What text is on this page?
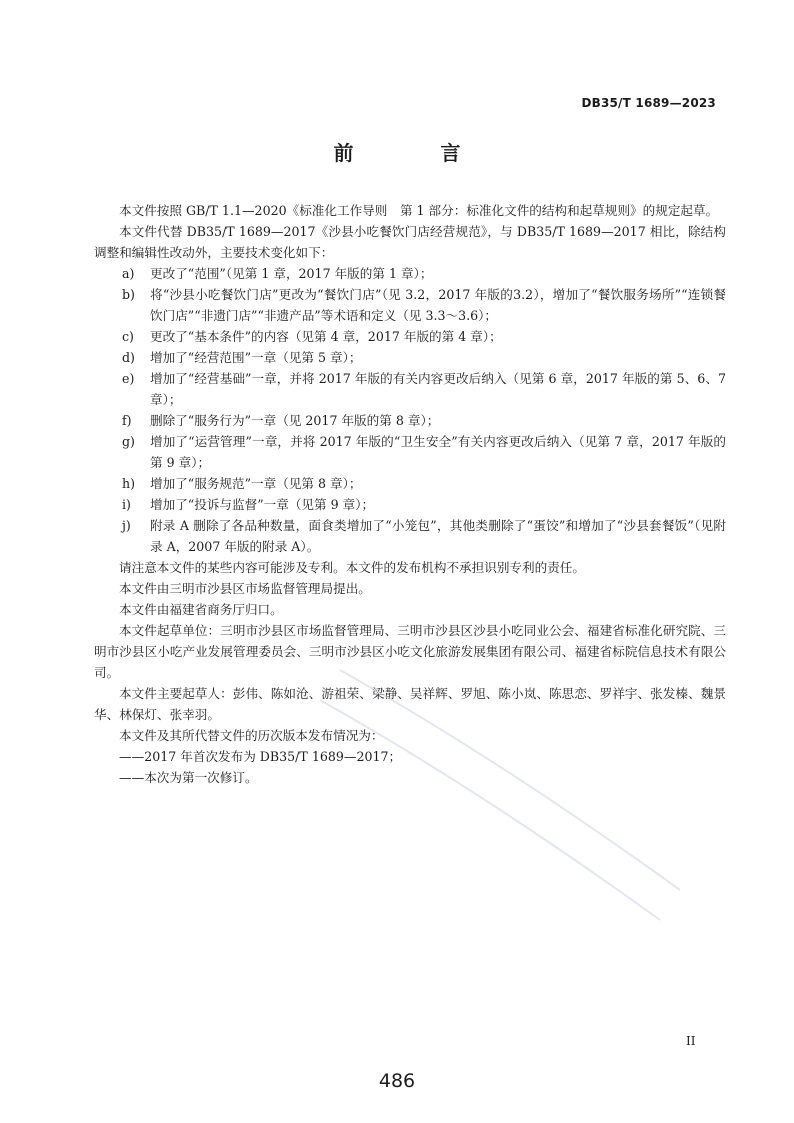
DB35/T 1689—2023
前 言

本文件按照 GB/T 1.1—2020《标准化工作导则　第 1 部分：标准化文件的结构和起草规则》的规定起草。

本文件代替 DB35/T 1689—2017《沙县小吃餐饮门店经营规范》，与 DB35/T 1689—2017 相比，除结构调整和编辑性改动外，主要技术变化如下：

a) 更改了“范围”（见第 1 章，2017 年版的第 1 章）；
b) 将“沙县小吃餐饮门店”更改为“餐饮门店”（见 3.2，2017 年版的3.2），增加了“餐饮服务场所”“连锁餐饮门店”“非遗门店”“非遗产品”等术语和定义（见 3.3～3.6）；
c) 更改了“基本条件”的内容（见第 4 章，2017 年版的第 4 章）；
d) 增加了“经营范围”一章（见第 5 章）；
e) 增加了“经营基础”一章，并将 2017 年版的有关内容更改后纳入（见第 6 章，2017 年版的第 5、6、7 章）；
f) 删除了“服务行为”一章（见 2017 年版的第 8 章）；
g) 增加了“运营管理”一章，并将 2017 年版的“卫生安全”有关内容更改后纳入（见第 7 章，2017 年版的第 9 章）；
h) 增加了“服务规范”一章（见第 8 章）；
i) 增加了“投诉与监督”一章（见第 9 章）；
j) 附录 A 删除了各品种数量，面食类增加了“小笼包”，其他类删除了“蛋饺”和增加了“沙县套餐饭”（见附录 A，2007 年版的附录 A）。

请注意本文件的某些内容可能涉及专利。本文件的发布机构不承担识别专利的责任。

本文件由三明市沙县区市场监督管理局提出。

本文件由福建省商务厅归口。

本文件起草单位：三明市沙县区市场监督管理局、三明市沙县区沙县小吃同业公会、福建省标准化研究院、三明市沙县区小吃产业发展管理委员会、三明市沙县区小吃文化旅游发展集团有限公司、福建省标院信息技术有限公司。

本文件主要起草人：彭伟、陈如沧、游祖荣、梁静、吴祥辉、罗旭、陈小岚、陈思恋、罗祥宇、张发榛、魏景华、林保灯、张幸羽。

本文件及其所代替文件的历次版本发布情况为：

——2017 年首次发布为 DB35/T 1689—2017；

——本次为第一次修订。

II
486
